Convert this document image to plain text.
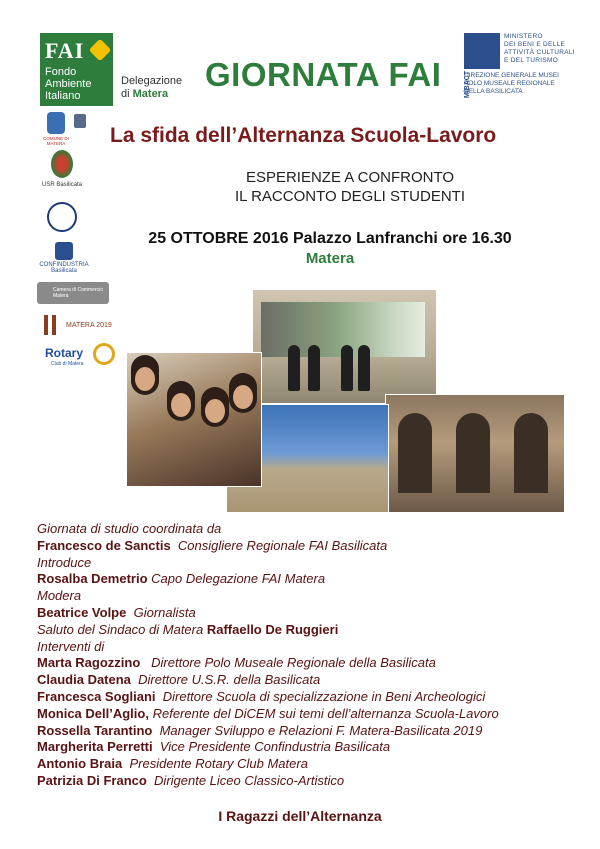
FAI
Fondo
Ambiente
Italiano
Delegazione
di Matera
GIORNATA FAI	MiBACT
MINISTERO
DEI BENI E DELLE
ATTIVITÀ CULTURALI
E DEL TURISMO
DIREZIONE GENERALE MUSEI
POLO MUSEALE REGIONALE
DELLA BASILICATA
La sfida dell’Alternanza Scuola-Lavoro
ESPERIENZE A CONFRONTO
IL RACCONTO DEGLI STUDENTI
25 OTTOBRE 2016 Palazzo Lanfranchi ore 16.30
Matera
COMUNE DI MATERA
USR Basilicata
CONFINDUSTRIA
Basilicata
Camera di Commercio Matera
MATERA 2019
Rotary
Club di Matera
Giornata di studio coordinata da
Francesco de Sanctis Consigliere Regionale FAI Basilicata
Introduce
Rosalba Demetrio Capo Delegazione FAI Matera
Modera
Beatrice Volpe Giornalista
Saluto del Sindaco di Matera Raffaello De Ruggieri
Interventi di
Marta Ragozzino Direttore Polo Museale Regionale della Basilicata
Claudia Datena Direttore U.S.R. della Basilicata
Francesca Sogliani Direttore Scuola di specializzazione in Beni Archeologici
Monica Dell’Aglio, Referente del DiCEM sui temi dell’alternanza Scuola-Lavoro
Rossella Tarantino Manager Sviluppo e Relazioni F. Matera-Basilicata 2019
Margherita Perretti Vice Presidente Confindustria Basilicata
Antonio Braia Presidente Rotary Club Matera
Patrizia Di Franco Dirigente Liceo Classico-Artistico
I Ragazzi dell’Alternanza
